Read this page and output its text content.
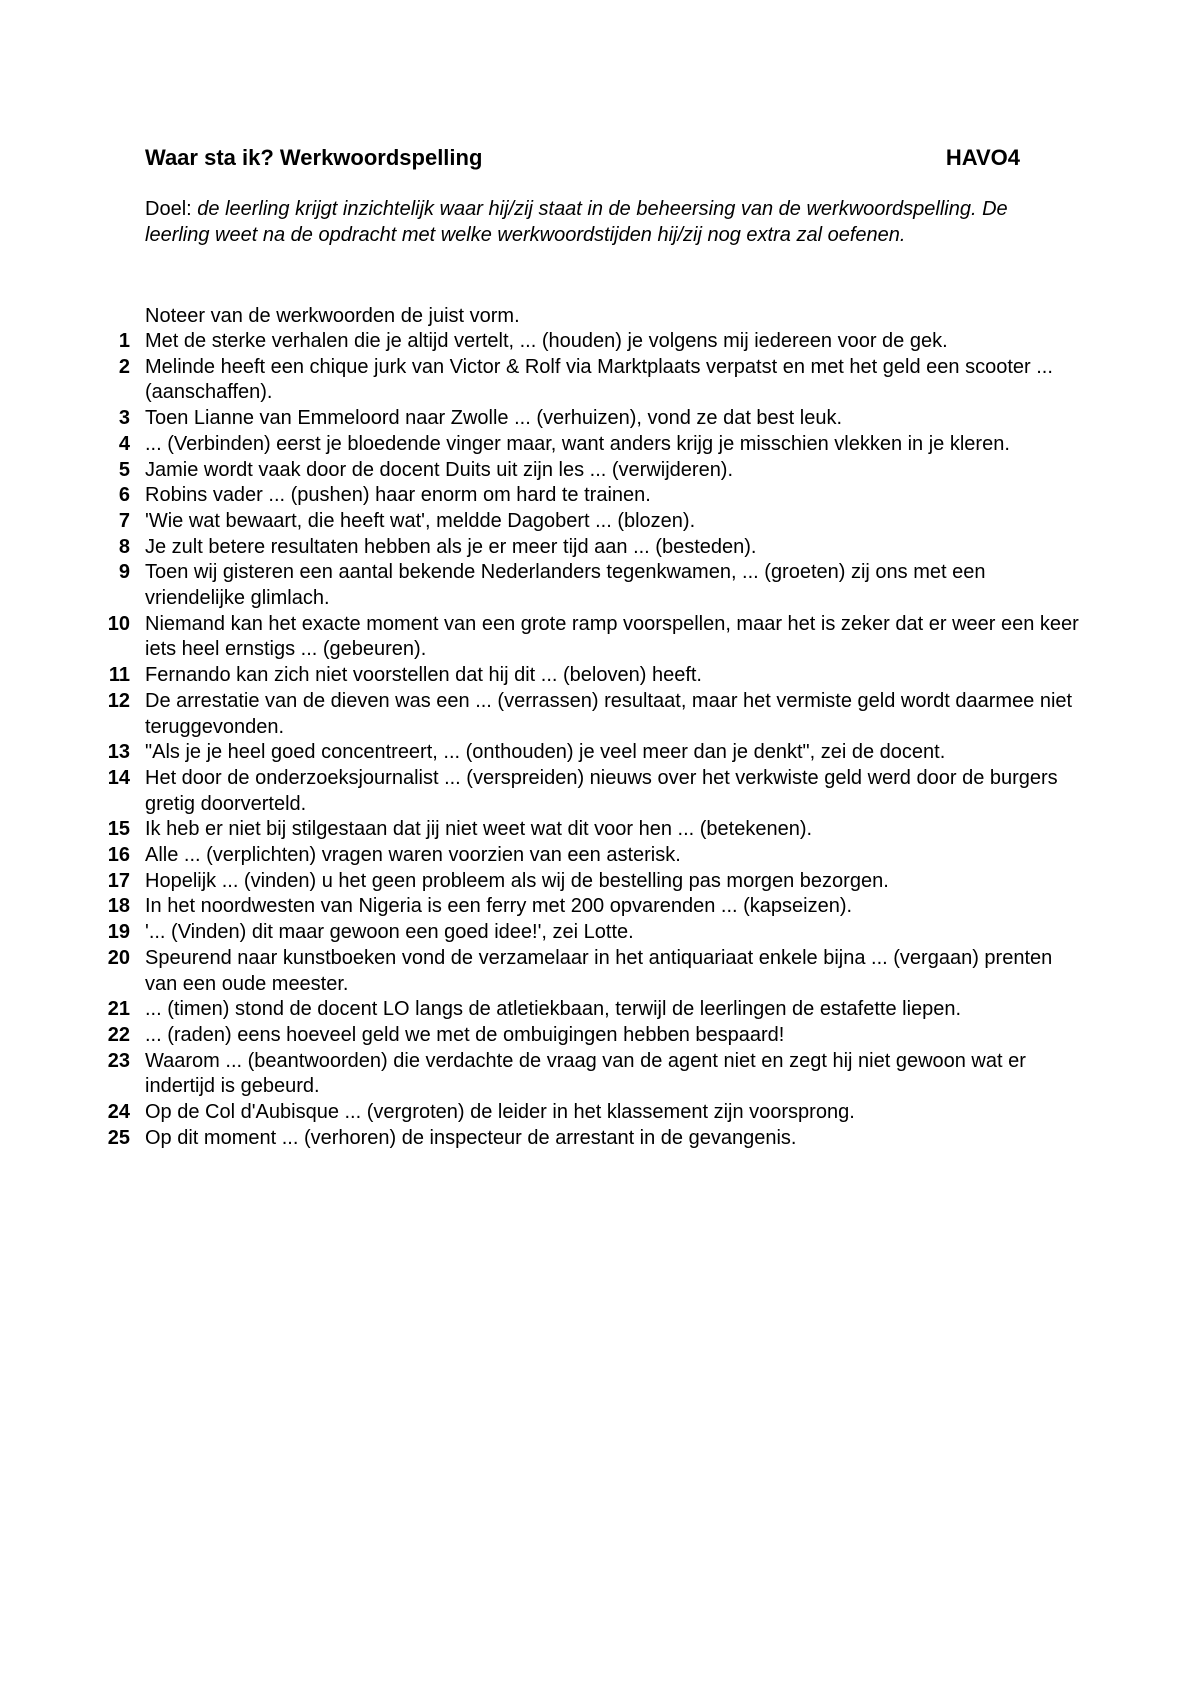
Waar sta ik? Werkwoordspelling	HAVO4
Doel: de leerling krijgt inzichtelijk waar hij/zij staat in de beheersing van de werkwoordspelling. De leerling weet na de opdracht met welke werkwoordstijden hij/zij nog extra zal oefenen.
Noteer van de werkwoorden de juist vorm.
1 Met de sterke verhalen die je altijd vertelt, ... (houden) je volgens mij iedereen voor de gek.
2 Melinde heeft een chique jurk van Victor & Rolf via Marktplaats verpatst en met het geld een scooter ... (aanschaffen).
3 Toen Lianne van Emmeloord naar Zwolle ... (verhuizen), vond ze dat best leuk.
4 ... (Verbinden) eerst je bloedende vinger maar, want anders krijg je misschien vlekken in je kleren.
5 Jamie wordt vaak door de docent Duits uit zijn les ... (verwijderen).
6 Robins vader ... (pushen) haar enorm om hard te trainen.
7 'Wie wat bewaart, die heeft wat', meldde Dagobert ... (blozen).
8 Je zult betere resultaten hebben als je er meer tijd aan ... (besteden).
9 Toen wij gisteren een aantal bekende Nederlanders tegenkwamen, ... (groeten) zij ons met een vriendelijke glimlach.
10 Niemand kan het exacte moment van een grote ramp voorspellen, maar het is zeker dat er weer een keer iets heel ernstigs ... (gebeuren).
11 Fernando kan zich niet voorstellen dat hij dit ... (beloven) heeft.
12 De arrestatie van de dieven was een ... (verrassen) resultaat, maar het vermiste geld wordt daarmee niet teruggevonden.
13 "Als je je heel goed concentreert, ... (onthouden) je veel meer dan je denkt", zei de docent.
14 Het door de onderzoeksjournalist ... (verspreiden) nieuws over het verkwiste geld werd door de burgers gretig doorverteld.
15 Ik heb er niet bij stilgestaan dat jij niet weet wat dit voor hen ... (betekenen).
16 Alle ... (verplichten) vragen waren voorzien van een asterisk.
17 Hopelijk ... (vinden) u het geen probleem als wij de bestelling pas morgen bezorgen.
18 In het noordwesten van Nigeria is een ferry met 200 opvarenden ... (kapseizen).
19 '... (Vinden) dit maar gewoon een goed idee!', zei Lotte.
20 Speurend naar kunstboeken vond de verzamelaar in het antiquariaat enkele bijna ... (vergaan) prenten van een oude meester.
21 ... (timen) stond de docent LO langs de atletiekbaan, terwijl de leerlingen de estafette liepen.
22 ... (raden) eens hoeveel geld we met de ombuigingen hebben bespaard!
23 Waarom ... (beantwoorden) die verdachte de vraag van de agent niet en zegt hij niet gewoon wat er indertijd is gebeurd.
24 Op de Col d'Aubisque ... (vergroten) de leider in het klassement zijn voorsprong.
25 Op dit moment ... (verhoren) de inspecteur de arrestant in de gevangenis.
